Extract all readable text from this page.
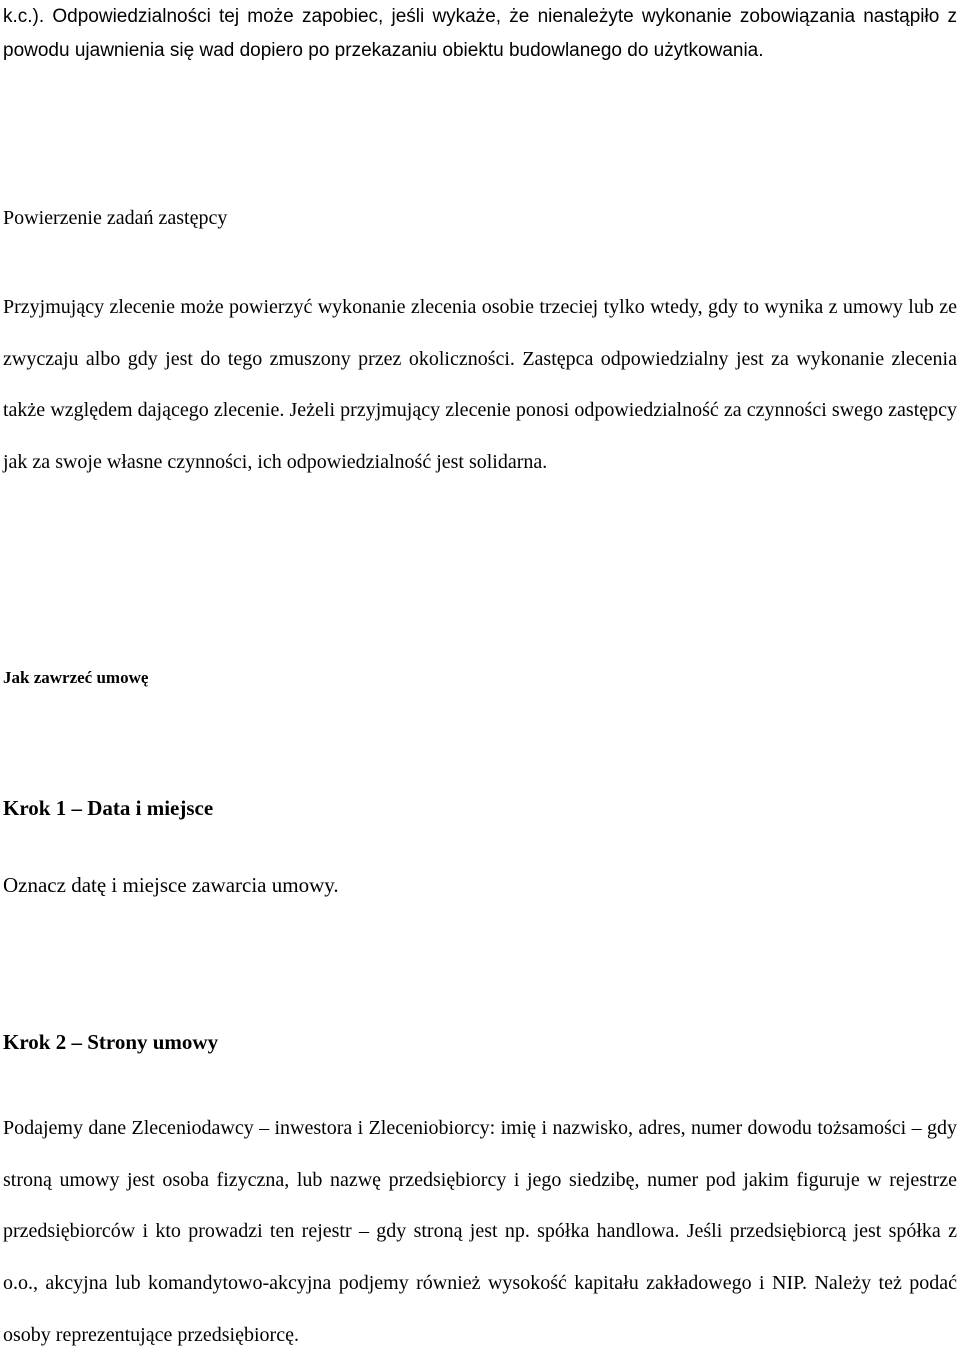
k.c.). Odpowiedzialności tej może zapobiec, jeśli wykaże, że nienależyte wykonanie zobowiązania nastąpiło z powodu ujawnienia się wad dopiero po przekazaniu obiektu budowlanego do użytkowania.

Powierzenie zadań zastępcy

Przyjmujący zlecenie może powierzyć wykonanie zlecenia osobie trzeciej tylko wtedy, gdy to wynika z umowy lub ze zwyczaju albo gdy jest do tego zmuszony przez okoliczności. Zastępca odpowiedzialny jest za wykonanie zlecenia także względem dającego zlecenie. Jeżeli przyjmujący zlecenie ponosi odpowiedzialność za czynności swego zastępcy jak za swoje własne czynności, ich odpowiedzialność jest solidarna.

Jak zawrzeć umowę
Krok 1 – Data i miejsce

Oznacz datę i miejsce zawarcia umowy.

Krok 2 – Strony umowy

Podajemy dane Zleceniodawcy – inwestora i Zleceniobiorcy: imię i nazwisko, adres, numer dowodu tożsamości – gdy stroną umowy jest osoba fizyczna, lub nazwę przedsiębiorcy i jego siedzibę, numer pod jakim figuruje w rejestrze przedsiębiorców i kto prowadzi ten rejestr – gdy stroną jest np. spółka handlowa. Jeśli przedsiębiorcą jest spółka z o.o., akcyjna lub komandytowo-akcyjna podjemy również wysokość kapitału zakładowego i NIP. Należy też podać osoby reprezentujące przedsiębiorcę.
